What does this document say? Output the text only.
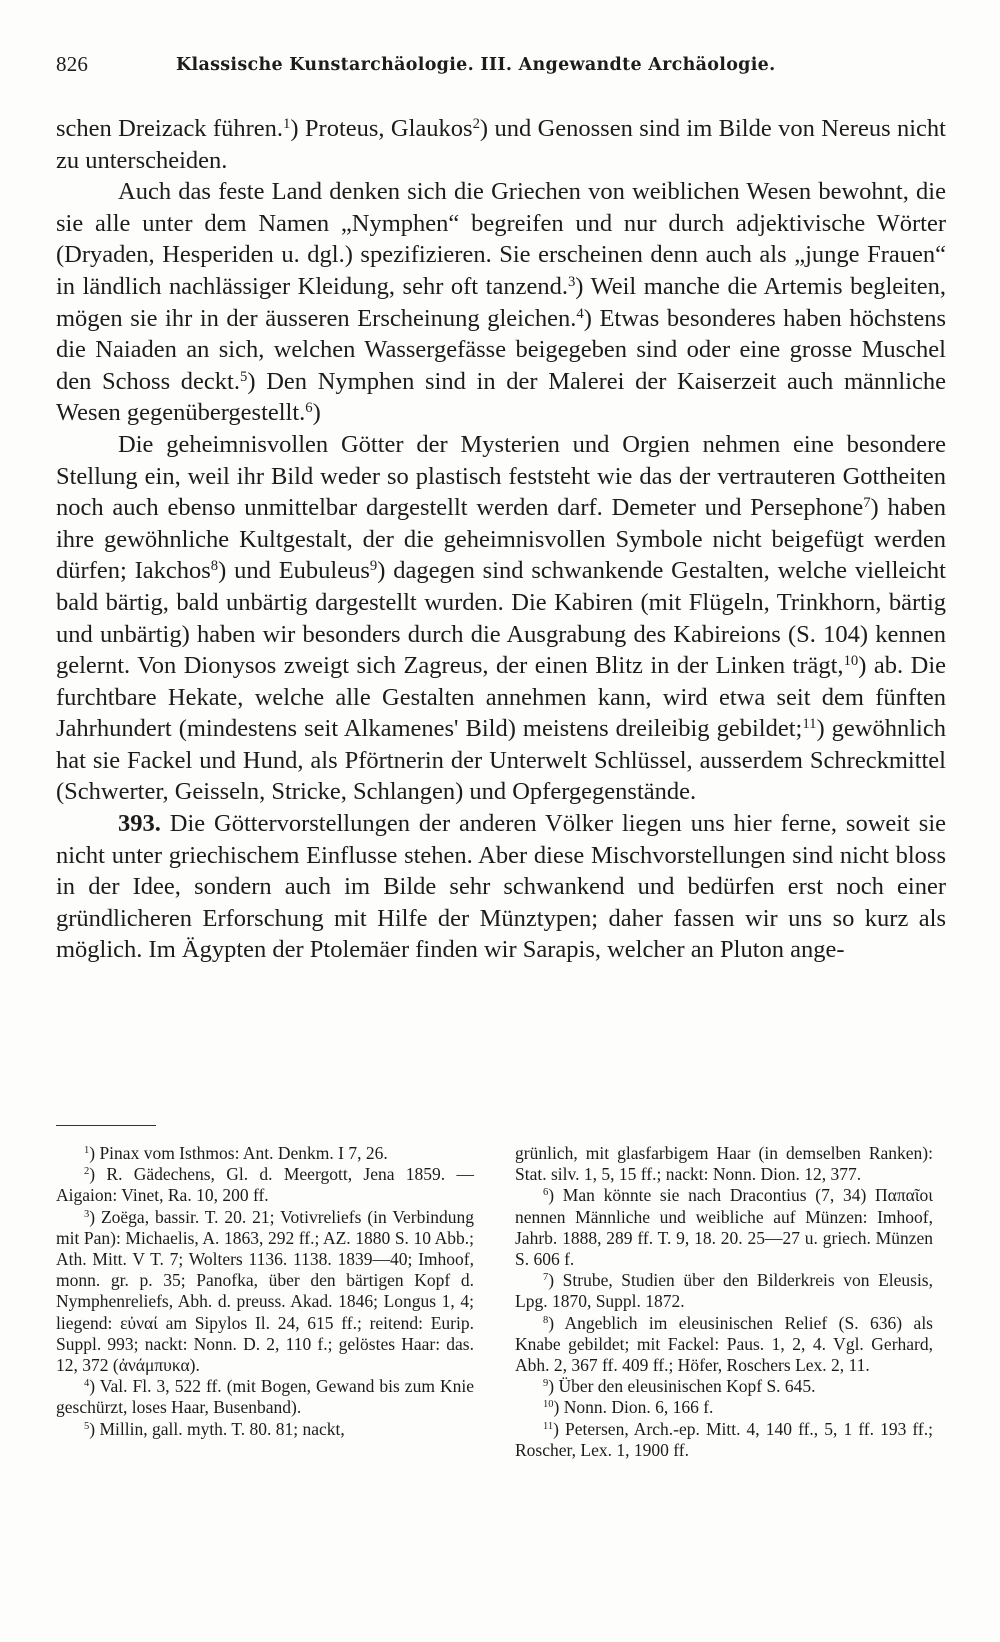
826	Klassische Kunstarchäologie. III. Angewandte Archäologie.

schen Dreizack führen.$^1$) Proteus, Glaukos$^2$) und Genossen sind im Bilde von Nereus nicht zu unterscheiden.

Auch das feste Land denken sich die Griechen von weiblichen Wesen bewohnt, die sie alle unter dem Namen „Nymphen“ begreifen und nur durch adjektivische Wörter (Dryaden, Hesperiden u. dgl.) spezifizieren. Sie erscheinen denn auch als „junge Frauen“ in ländlich nachlässiger Kleidung, sehr oft tanzend.$^3$) Weil manche die Artemis begleiten, mögen sie ihr in der äusseren Erscheinung gleichen.$^4$) Etwas besonderes haben höchstens die Naiaden an sich, welchen Wassergefässe beigegeben sind oder eine grosse Muschel den Schoss deckt.$^5$) Den Nymphen sind in der Malerei der Kaiserzeit auch männliche Wesen gegenübergestellt.$^6$)

Die geheimnisvollen Götter der Mysterien und Orgien nehmen eine besondere Stellung ein, weil ihr Bild weder so plastisch feststeht wie das der vertrauteren Gottheiten noch auch ebenso unmittelbar dargestellt werden darf. Demeter und Persephone$^7$) haben ihre gewöhnliche Kultgestalt, der die geheimnisvollen Symbole nicht beigefügt werden dürfen; Iakchos$^8$) und Eubuleus$^9$) dagegen sind schwankende Gestalten, welche vielleicht bald bärtig, bald unbärtig dargestellt wurden. Die Kabiren (mit Flügeln, Trinkhorn, bärtig und unbärtig) haben wir besonders durch die Ausgrabung des Kabireions (S. 104) kennen gelernt. Von Dionysos zweigt sich Zagreus, der einen Blitz in der Linken trägt,$^{10}$) ab. Die furchtbare Hekate, welche alle Gestalten annehmen kann, wird etwa seit dem fünften Jahrhundert (mindestens seit Alkamenes' Bild) meistens dreileibig gebildet;$^{11}$) gewöhnlich hat sie Fackel und Hund, als Pförtnerin der Unterwelt Schlüssel, ausserdem Schreckmittel (Schwerter, Geisseln, Stricke, Schlangen) und Opfergegenstände.

393. Die Göttervorstellungen der anderen Völker liegen uns hier ferne, soweit sie nicht unter griechischem Einflusse stehen. Aber diese Mischvorstellungen sind nicht bloss in der Idee, sondern auch im Bilde sehr schwankend und bedürfen erst noch einer gründlicheren Erforschung mit Hilfe der Münztypen; daher fassen wir uns so kurz als möglich. Im Ägypten der Ptolemäer finden wir Sarapis, welcher an Pluton ange-

$^1$) Pinax vom Isthmos: Ant. Denkm. I 7, 26.

$^2$) R. Gädechens, Gl. d. Meergott, Jena 1859. — Aigaion: Vinet, Ra. 10, 200 ff.

$^3$) Zoëga, bassir. T. 20. 21; Votivreliefs (in Verbindung mit Pan): Michaelis, A. 1863, 292 ff.; AZ. 1880 S. 10 Abb.; Ath. Mitt. V T. 7; Wolters 1136. 1138. 1839—40; Imhoof, monn. gr. p. 35; Panofka, über den bärtigen Kopf d. Nymphenreliefs, Abh. d. preuss. Akad. 1846; Longus 1, 4; liegend: εὐναί am Sipylos Il. 24, 615 ff.; reitend: Eurip. Suppl. 993; nackt: Nonn. D. 2, 110 f.; gelöstes Haar: das. 12, 372 (ἀνάμπυκα).

$^4$) Val. Fl. 3, 522 ff. (mit Bogen, Gewand bis zum Knie geschürzt, loses Haar, Busenband).

$^5$) Millin, gall. myth. T. 80. 81; nackt,

grünlich, mit glasfarbigem Haar (in demselben Ranken): Stat. silv. 1, 5, 15 ff.; nackt: Nonn. Dion. 12, 377.

$^6$) Man könnte sie nach Dracontius (7, 34) Παπαῖοι nennen Männliche und weibliche auf Münzen: Imhoof, Jahrb. 1888, 289 ff. T. 9, 18. 20. 25—27 u. griech. Münzen S. 606 f.

$^7$) Strube, Studien über den Bilderkreis von Eleusis, Lpg. 1870, Suppl. 1872.

$^8$) Angeblich im eleusinischen Relief (S. 636) als Knabe gebildet; mit Fackel: Paus. 1, 2, 4. Vgl. Gerhard, Abh. 2, 367 ff. 409 ff.; Höfer, Roschers Lex. 2, 11.

$^9$) Über den eleusinischen Kopf S. 645.

$^{10}$) Nonn. Dion. 6, 166 f.

$^{11}$) Petersen, Arch.-ep. Mitt. 4, 140 ff., 5, 1 ff. 193 ff.; Roscher, Lex. 1, 1900 ff.
